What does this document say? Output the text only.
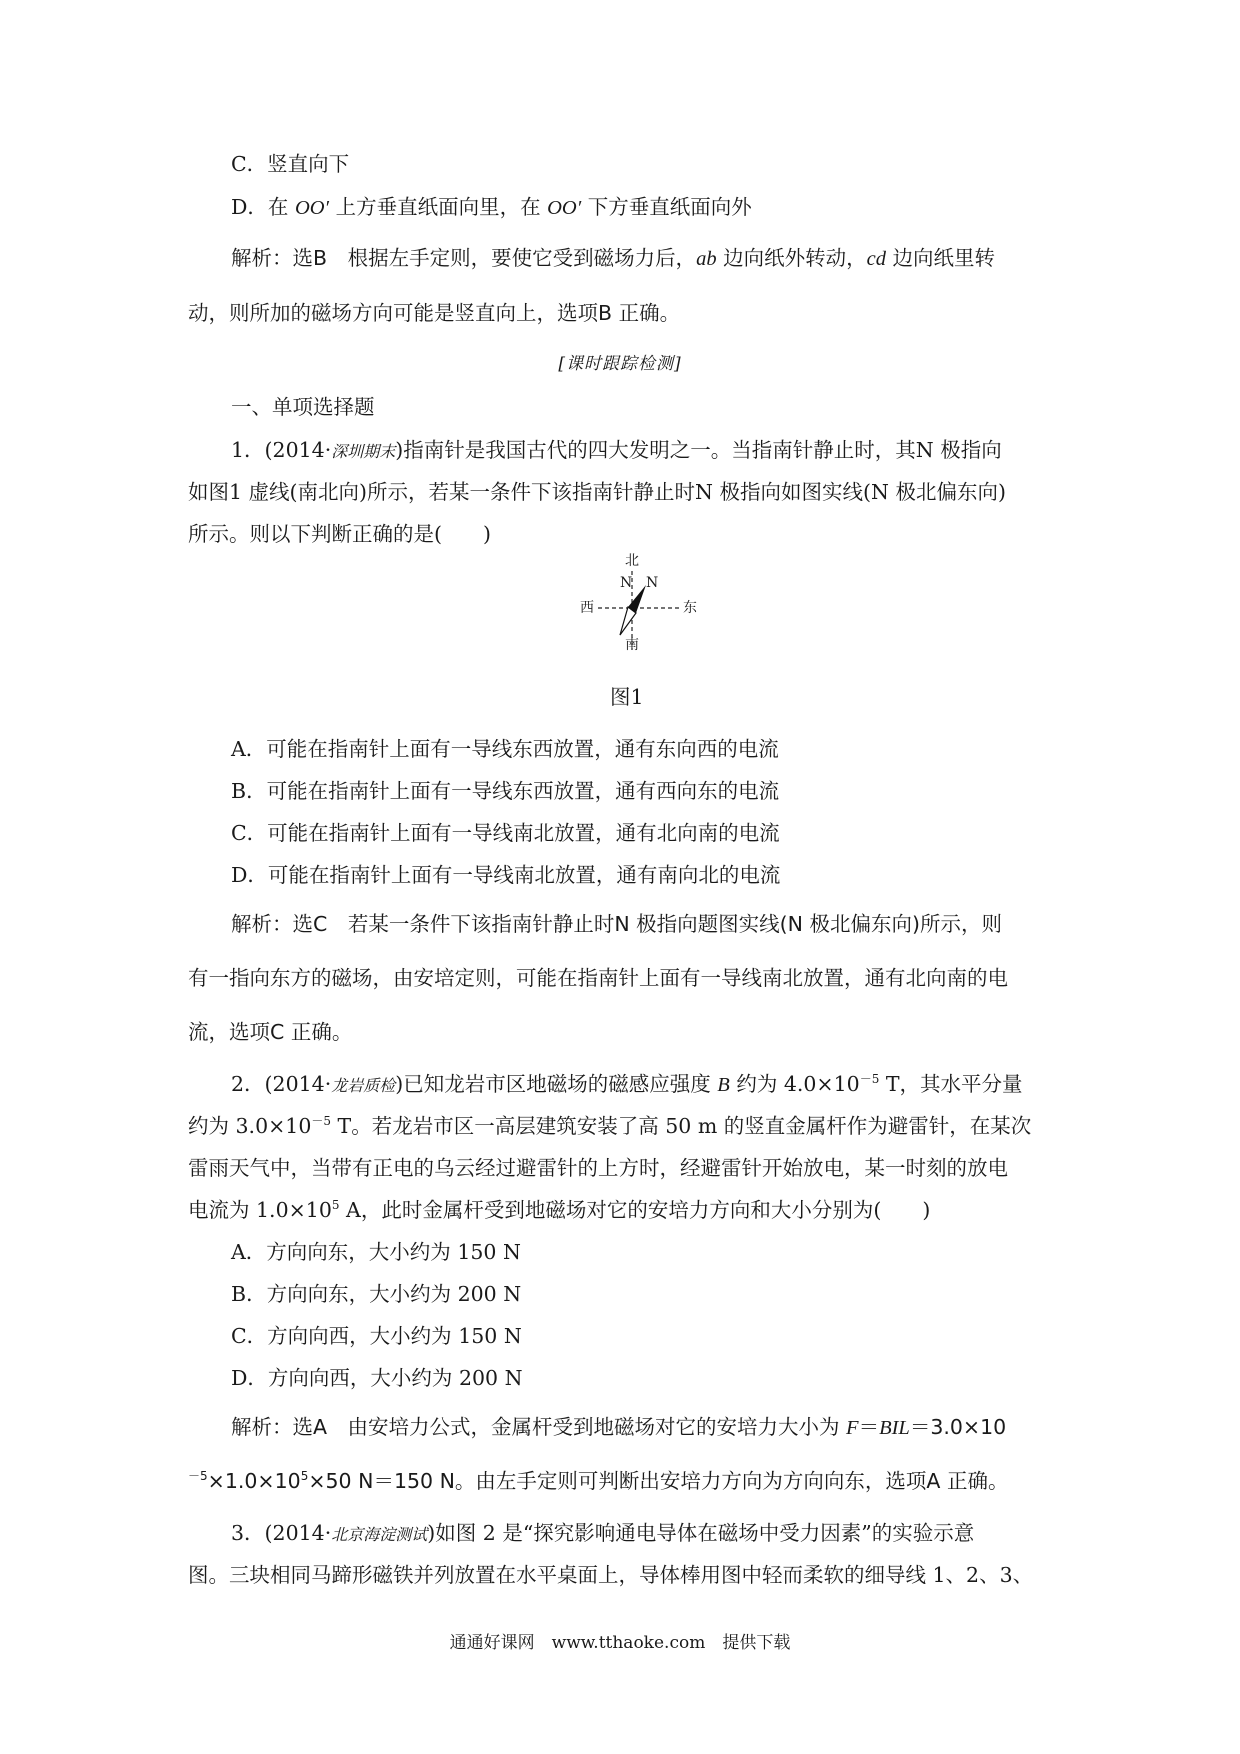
C．竖直向下
D．在 OO′ 上方垂直纸面向里，在 OO′ 下方垂直纸面向外
解析：选B　根据左手定则，要使它受到磁场力后，ab 边向纸外转动，cd 边向纸里转
动，则所加的磁场方向可能是竖直向上，选项B 正确。
[课时跟踪检测]
一、单项选择题
1．(2014·深圳期末)指南针是我国古代的四大发明之一。当指南针静止时，其N 极指向
如图1 虚线(南北向)所示，若某一条件下该指南针静止时N 极指向如图实线(N 极北偏东向)
所示。则以下判断正确的是(　　)
北
N N
西	东
南
图1
A．可能在指南针上面有一导线东西放置，通有东向西的电流
B．可能在指南针上面有一导线东西放置，通有西向东的电流
C．可能在指南针上面有一导线南北放置，通有北向南的电流
D．可能在指南针上面有一导线南北放置，通有南向北的电流
解析：选C　若某一条件下该指南针静止时N 极指向题图实线(N 极北偏东向)所示，则
有一指向东方的磁场，由安培定则，可能在指南针上面有一导线南北放置，通有北向南的电
流，选项C 正确。
2．(2014·龙岩质检)已知龙岩市区地磁场的磁感应强度 B 约为 $4.0\times 10^{-5}$ T，其水平分量
约为 $3.0\times 10^{-5}$ T。若龙岩市区一高层建筑安装了高 50 m 的竖直金属杆作为避雷针，在某次
雷雨天气中，当带有正电的乌云经过避雷针的上方时，经避雷针开始放电，某一时刻的放电
电流为 $1.0\times 10^5$ A，此时金属杆受到地磁场对它的安培力方向和大小分别为(　　)
A．方向向东，大小约为 150 N
B．方向向东，大小约为 200 N
C．方向向西，大小约为 150 N
D．方向向西，大小约为 200 N
解析：选A　由安培力公式，金属杆受到地磁场对它的安培力大小为 F＝BIL＝3.0×10
$^{-5}\times 1.0\times 10^5\times 50$ N＝150 N。由左手定则可判断出安培力方向为方向向东，选项A 正确。
3．(2014·北京海淀测试)如图 2 是“探究影响通电导体在磁场中受力因素”的实验示意
图。三块相同马蹄形磁铁并列放置在水平桌面上，导体棒用图中轻而柔软的细导线 1、2、3、
通通好课网　www.tthaoke.com　提供下载
